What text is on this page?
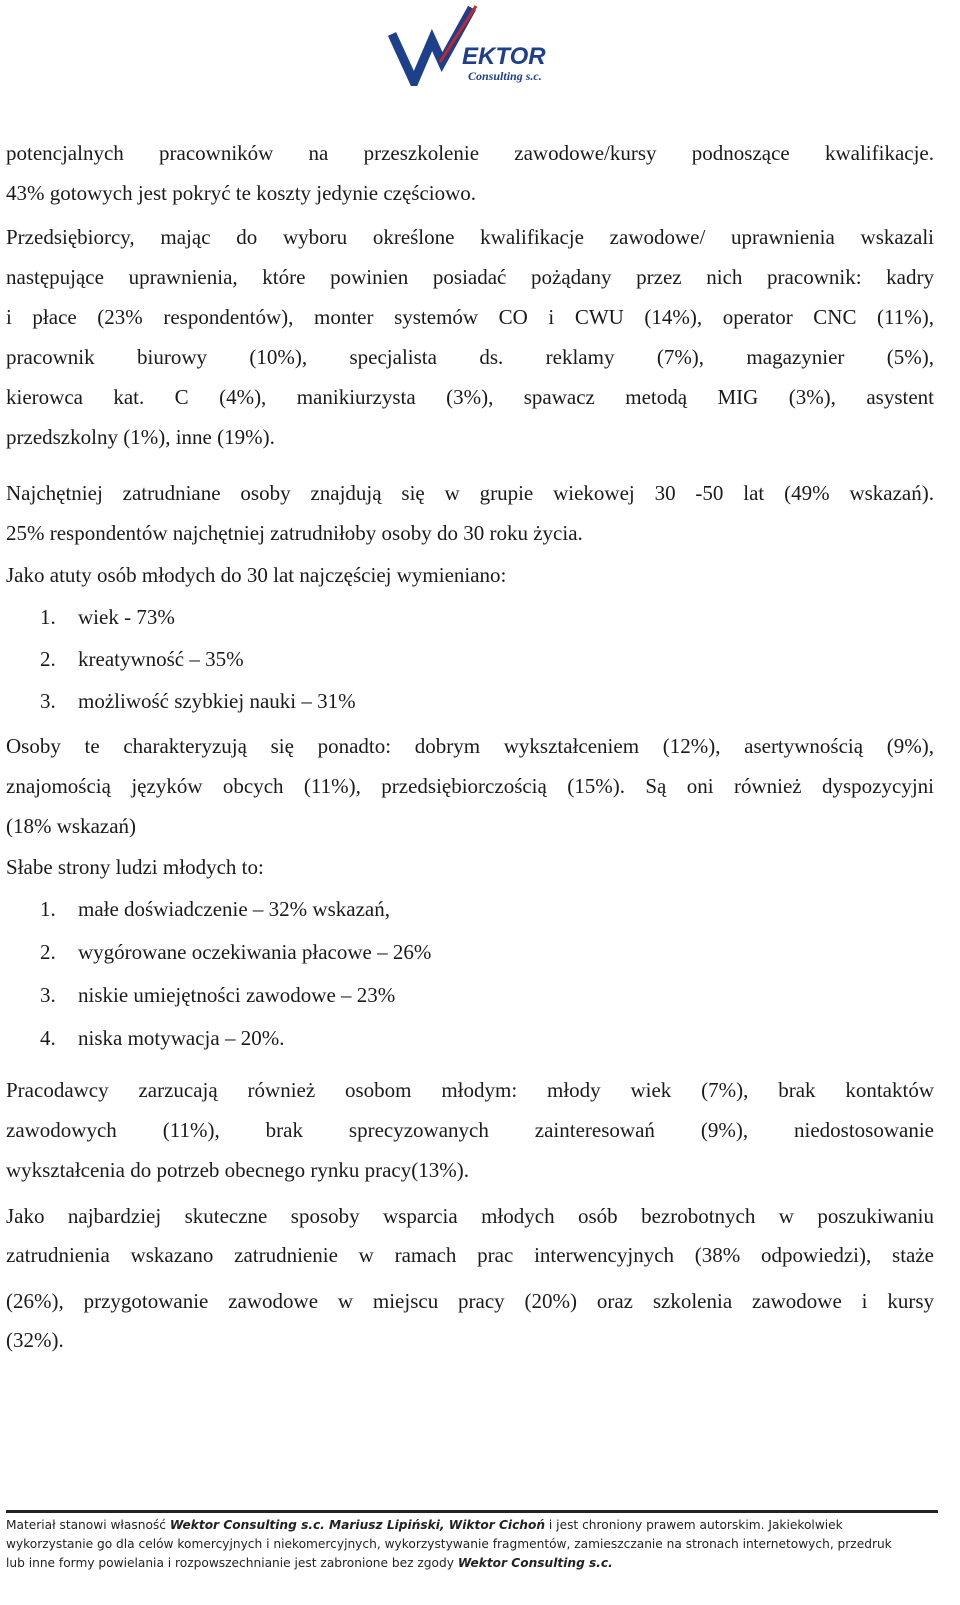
EKTOR
Consulting s.c.
potencjalnych pracowników na przeszkolenie zawodowe/kursy podnoszące kwalifikacje.
43% gotowych jest pokryć te koszty jedynie częściowo.
Przedsiębiorcy, mając do wyboru określone kwalifikacje zawodowe/ uprawnienia wskazali
następujące uprawnienia, które powinien posiadać pożądany przez nich pracownik: kadry
i płace (23% respondentów), monter systemów CO i CWU (14%), operator CNC (11%),
pracownik biurowy (10%), specjalista ds. reklamy (7%), magazynier (5%),
kierowca kat. C (4%), manikiurzysta (3%), spawacz metodą MIG (3%), asystent
przedszkolny (1%), inne (19%).
Najchętniej zatrudniane osoby znajdują się w grupie wiekowej 30 -50 lat (49% wskazań).
25% respondentów najchętniej zatrudniłoby osoby do 30 roku życia.
Jako atuty osób młodych do 30 lat najczęściej wymieniano:
1. wiek - 73%
2. kreatywność – 35%
3. możliwość szybkiej nauki – 31%
Osoby te charakteryzują się ponadto: dobrym wykształceniem (12%), asertywnością (9%),
znajomością języków obcych (11%), przedsiębiorczością (15%). Są oni również dyspozycyjni
(18% wskazań)
Słabe strony ludzi młodych to:
1. małe doświadczenie – 32% wskazań,
2. wygórowane oczekiwania płacowe – 26%
3. niskie umiejętności zawodowe – 23%
4. niska motywacja – 20%.
Pracodawcy zarzucają również osobom młodym: młody wiek (7%), brak kontaktów
zawodowych (11%), brak sprecyzowanych zainteresowań (9%), niedostosowanie
wykształcenia do potrzeb obecnego rynku pracy(13%).
Jako najbardziej skuteczne sposoby wsparcia młodych osób bezrobotnych w poszukiwaniu
zatrudnienia wskazano zatrudnienie w ramach prac interwencyjnych (38% odpowiedzi), staże
(26%), przygotowanie zawodowe w miejscu pracy (20%) oraz szkolenia zawodowe i kursy
(32%).
Materiał stanowi własność Wektor Consulting s.c. Mariusz Lipiński, Wiktor Cichoń i jest chroniony prawem autorskim. Jakiekolwiek
wykorzystanie go dla celów komercyjnych i niekomercyjnych, wykorzystywanie fragmentów, zamieszczanie na stronach internetowych, przedruk
lub inne formy powielania i rozpowszechnianie jest zabronione bez zgody Wektor Consulting s.c.
